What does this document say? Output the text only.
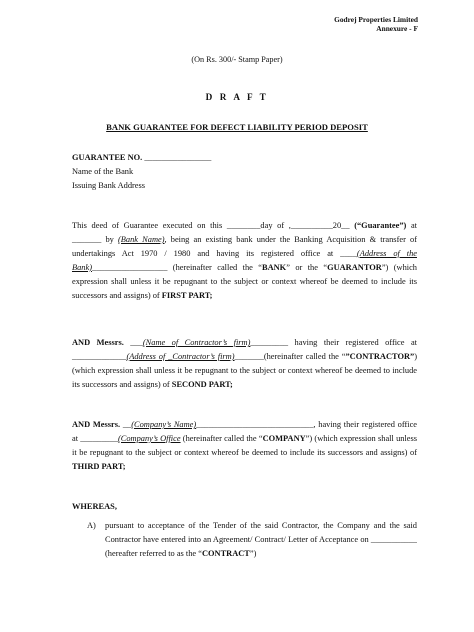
Godrej Properties Limited
Annexure - F
(On Rs. 300/- Stamp Paper)
D R A F T
BANK GUARANTEE FOR DEFECT LIABILITY PERIOD DEPOSIT
GUARANTEE NO. ________________
Name of the Bank
Issuing Bank Address
This deed of Guarantee executed on this ________day of ,__________20__ (“Guarantee”) at _______ by (Bank Name), being an existing bank under the Banking Acquisition & transfer of undertakings Act 1970 / 1980 and having its registered office at ____(Address of the Bank)__________________ (hereinafter called the “BANK” or the “GUARANTOR”) (which expression shall unless it be repugnant to the subject or context whereof be deemed to include its successors and assigns) of FIRST PART;
AND Messrs. ___(Name of Contractor’s firm)_________ having their registered office at _____________(Address of _Contractor’s firm)_______(hereinafter called the “”CONTRACTOR”) (which expression shall unless it be repugnant to the subject or context whereof be deemed to include its successors and assigns) of SECOND PART;
AND Messrs. __(Company’s Name)____________________________, having their registered office at _________(Company’s Office (hereinafter called the “COMPANY”) (which expression shall unless it be repugnant to the subject or context whereof be deemed to include its successors and assigns) of THIRD PART;
WHEREAS,
A)	pursuant to acceptance of the Tender of the said Contractor, the Company and the said Contractor have entered into an Agreement/ Contract/ Letter of Acceptance on ___________ (hereafter referred to as the “CONTRACT”)
